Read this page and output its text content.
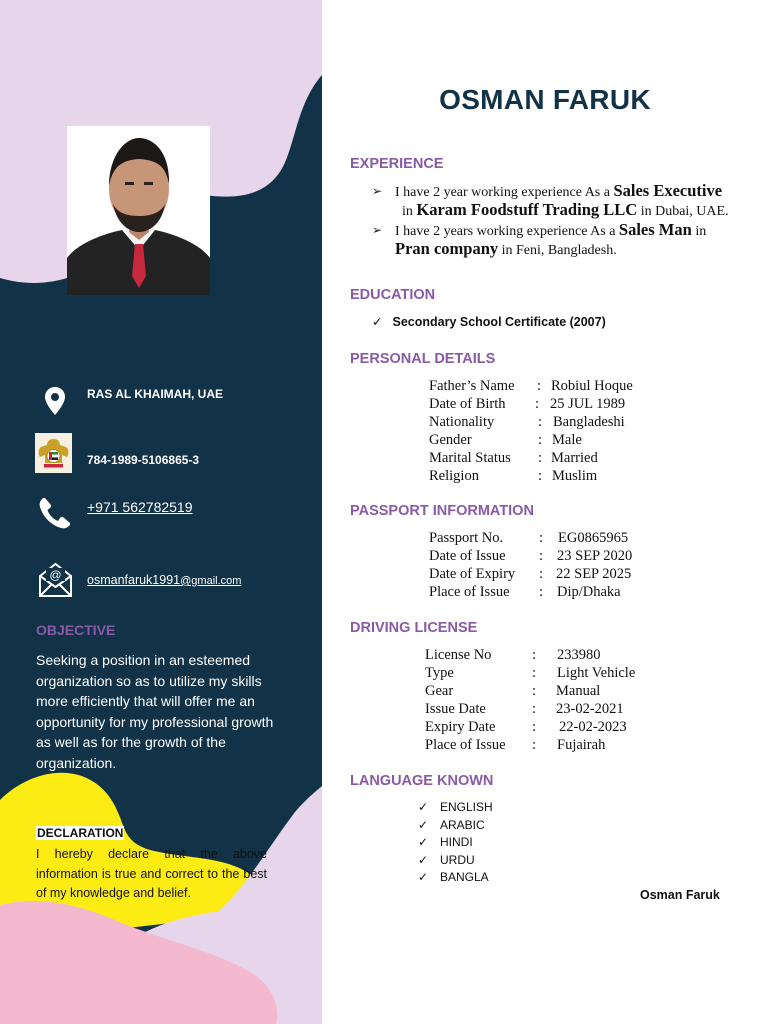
RAS AL KHAIMAH, UAE
784-1989-5106865-3
+971 562782519
@ osmanfaruk1991@gmail.com
OBJECTIVE
Seeking a position in an esteemed organization so as to utilize my skills more efficiently that will offer me an opportunity for my professional growth as well as for the growth of the organization.
DECLARATION
I hereby declare that the above information is true and correct to the best of my knowledge and belief.
OSMAN FARUK
EXPERIENCE
➢ I have 2 year working experience As a Sales Executive  in Karam Foodstuff Trading LLC in Dubai, UAE.
➢ I have 2 years working experience As a Sales Man in Pran company in Feni, Bangladesh.
EDUCATION
✓ Secondary School Certificate (2007)
PERSONAL DETAILS
Father’s Name : Robiul Hoque
Date of Birth : 25 JUL 1989
Nationality	: Bangladeshi
Gender	: Male
Marital Status : Married
Religion	: Muslim
PASSPORT INFORMATION
Passport No. : EG0865965
Date of Issue : 23 SEP 2020
Date of Expiry : 22 SEP 2025
Place of Issue : Dip/Dhaka
DRIVING LICENSE
License No	: 233980
Type	: Light Vehicle
Gear	: Manual
Issue Date	: 23-02-2021
Expiry Date	: 22-02-2023
Place of Issue : Fujairah
LANGUAGE KNOWN
✓ ENGLISH
✓ ARABIC
✓ HINDI
✓ URDU
✓ BANGLA
Osman Faruk
